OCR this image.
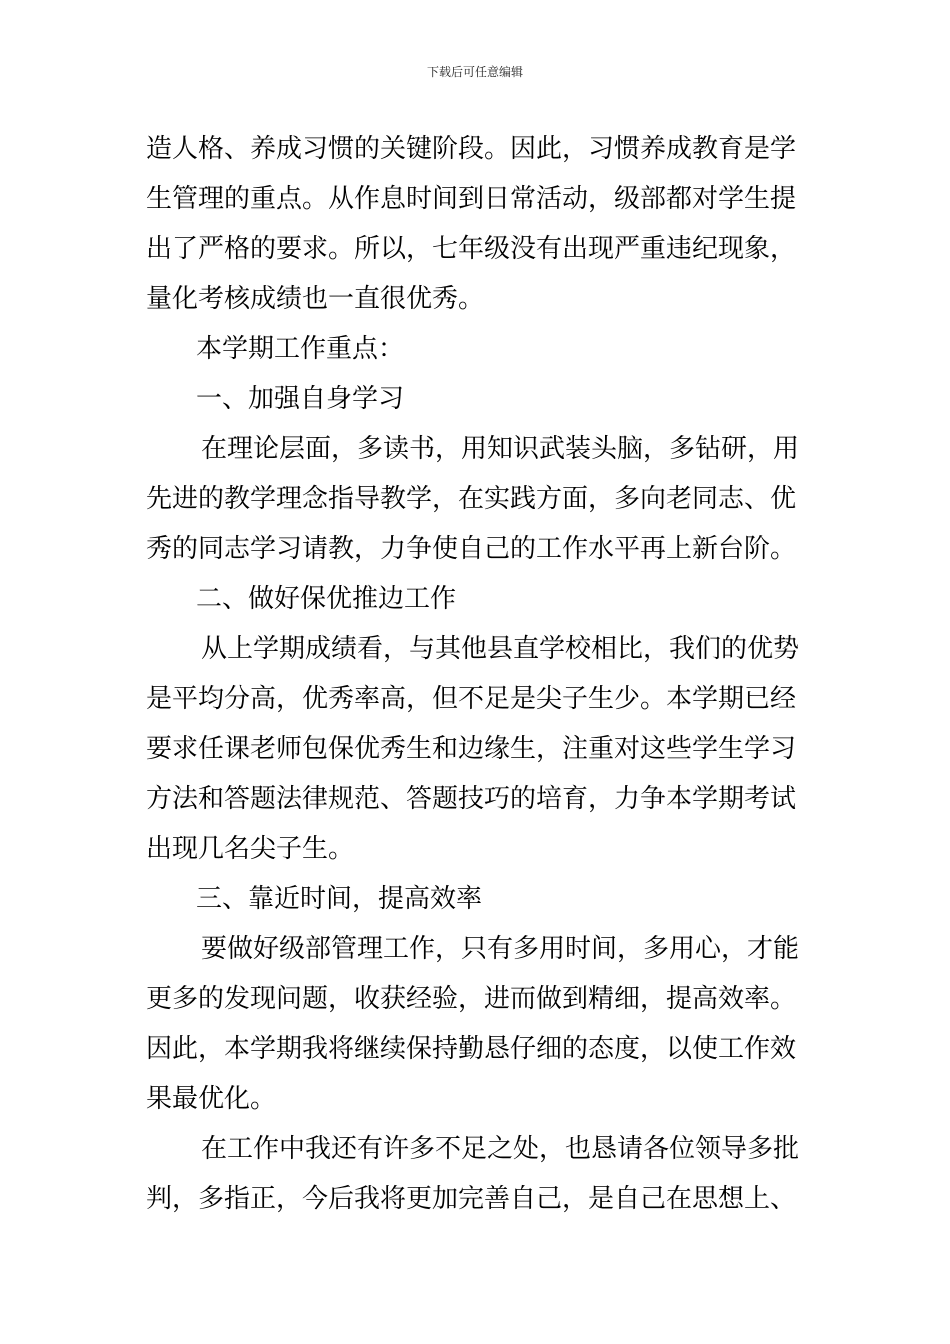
下载后可任意编辑
造人格、养成习惯的关键阶段。因此，习惯养成教育是学
生管理的重点。从作息时间到日常活动，级部都对学生提
出了严格的要求。所以，七年级没有出现严重违纪现象，
量化考核成绩也一直很优秀。
本学期工作重点：
一、加强自身学习
在理论层面，多读书，用知识武装头脑，多钻研，用
先进的教学理念指导教学，在实践方面，多向老同志、优
秀的同志学习请教，力争使自己的工作水平再上新台阶。
二、做好保优推边工作
从上学期成绩看，与其他县直学校相比，我们的优势
是平均分高，优秀率高，但不足是尖子生少。本学期已经
要求任课老师包保优秀生和边缘生，注重对这些学生学习
方法和答题法律规范、答题技巧的培育，力争本学期考试
出现几名尖子生。
三、靠近时间，提高效率
要做好级部管理工作，只有多用时间，多用心，才能
更多的发现问题，收获经验，进而做到精细，提高效率。
因此，本学期我将继续保持勤恳仔细的态度，以使工作效
果最优化。
在工作中我还有许多不足之处，也恳请各位领导多批
判，多指正，今后我将更加完善自己，是自己在思想上、
